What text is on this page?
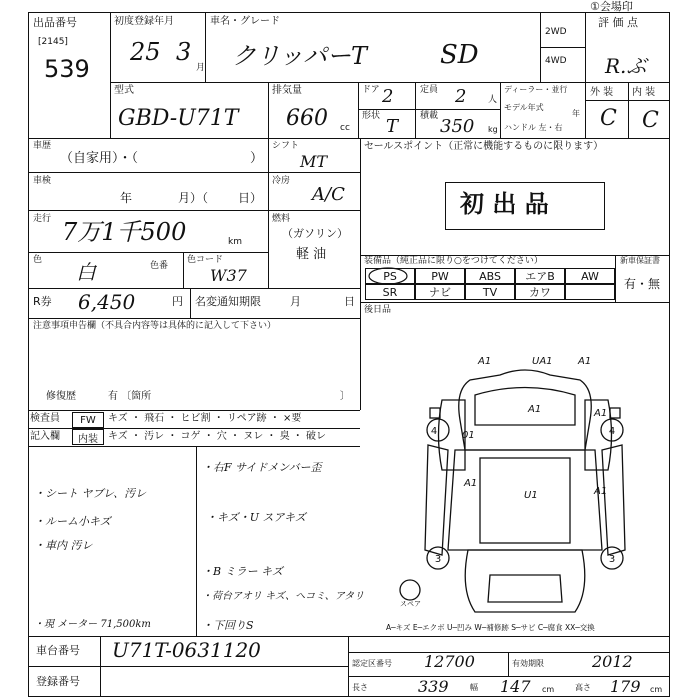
①会場印
出品番号
[2145]
539
初度登録年月
25 3
月
車名・グレード
クリッパーT	SD
2WD
4WD
評 価 点
R.ぶ
型式
GBD-U71T
排気量
660 cc
ドア 2	定員 2 人
形状 T 積載 350 kg
ディーラー・並行
モデル年式
年
ハンドル 左・右
外 装 内 装
C C
車歴
（自家用）・（	）
シフト
MT
車検
年	月）（ 日）
冷房
A/C
走行 7万1千500	km
燃料
（ガソリン）
軽 油
色 白	色番
色コード
W37
R券 6,450	円 名変通知期限	月	日
注意事項申告欄（不具合内容等は具体的に記入して下さい）
修復歴	有 〔箇所	〕
セールスポイント（正常に機能するものに限ります）
初 出 品
装備品（純正品に限り○をつけてください）	新車保証書
PS	PW	ABS	エアB	AW
SR	ナビ	TV	カワ
有・無
後日品
検査員
記入欄
FW
内装
キズ ・ 飛石 ・ ヒビ割 ・ リペア跡 ・ ×要
キズ ・ 汚レ ・ コゲ ・ 穴 ・ ヌレ ・ 臭 ・ 破レ
・シート ヤブレ、汚レ
・ルーム小キズ
・車内 汚レ
・現 メーター 71,500km
・右F サイドメンバー歪
・キズ・U スアキズ
・B ミラー キズ
・荷台アオリ キズ、ヘコミ、アタリ
・下回りS
A1	UA1	A1
A1	A1
01
A1
U1	A1
4	4
3	3
スペア
A─キズ E─エクボ U─凹み W─補修跡 S─サビ C─腐食 XX─交換
車台番号 U71T-0631120
登録番号
認定区番号 12700	有効期限	2012
長さ	339	幅 147 cm	高さ 179 cm
